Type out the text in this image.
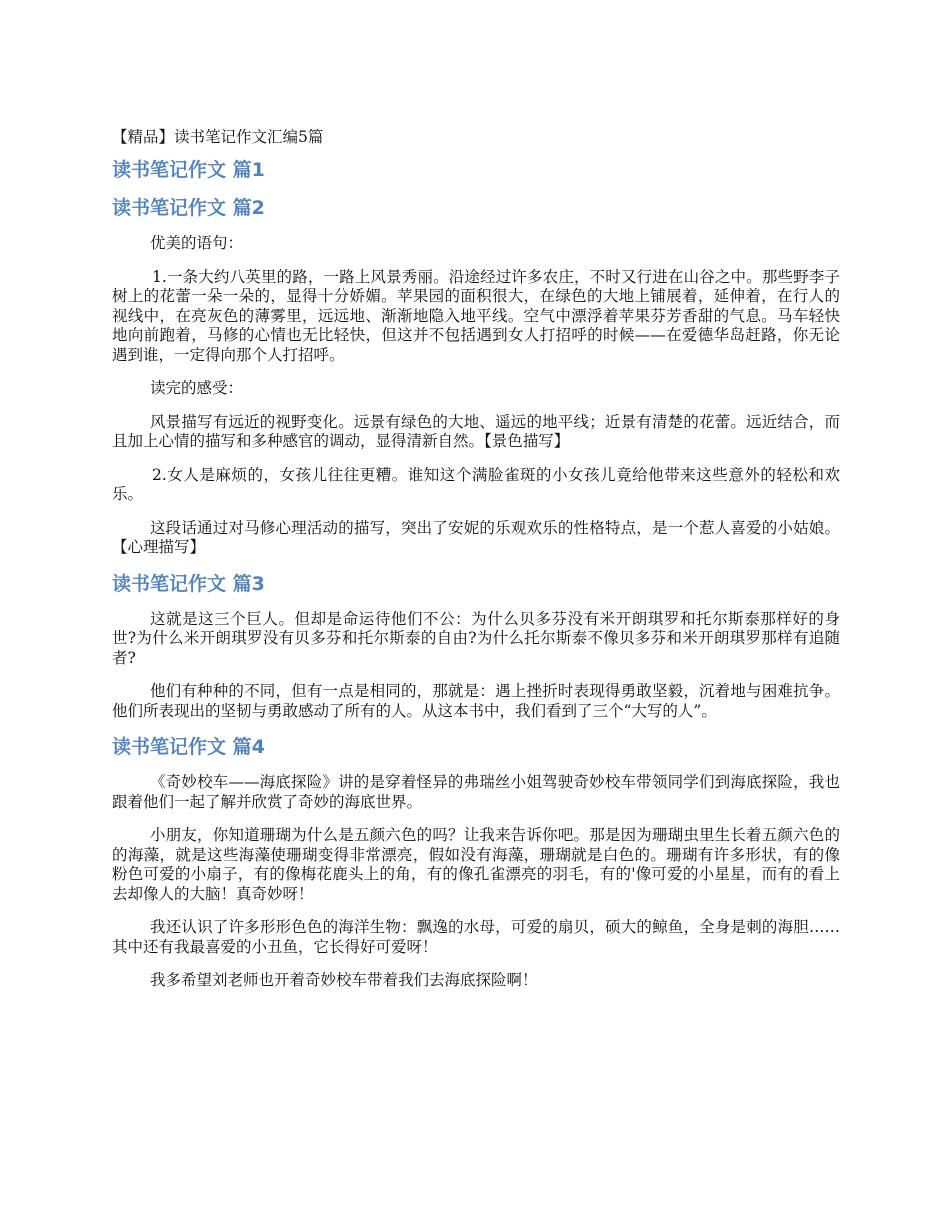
【精品】读书笔记作文汇编5篇
读书笔记作文 篇1
读书笔记作文 篇2

优美的语句：

1.一条大约八英里的路，一路上风景秀丽。沿途经过许多农庄，不时又行进在山谷之中。那些野李子树上的花蕾一朵一朵的，显得十分娇媚。苹果园的面积很大，在绿色的大地上铺展着，延伸着，在行人的视线中，在亮灰色的薄雾里，远远地、渐渐地隐入地平线。空气中漂浮着苹果芬芳香甜的气息。马车轻快地向前跑着，马修的心情也无比轻快，但这并不包括遇到女人打招呼的时候——在爱德华岛赶路，你无论遇到谁，一定得向那个人打招呼。

读完的感受：

风景描写有远近的视野变化。远景有绿色的大地、遥远的地平线；近景有清楚的花蕾。远近结合，而且加上心情的描写和多种感官的调动，显得清新自然。【景色描写】

2.女人是麻烦的，女孩儿往往更糟。谁知这个满脸雀斑的小女孩儿竟给他带来这些意外的轻松和欢乐。

这段话通过对马修心理活动的描写，突出了安妮的乐观欢乐的性格特点，是一个惹人喜爱的小姑娘。【心理描写】

读书笔记作文 篇3

这就是这三个巨人。但却是命运待他们不公：为什么贝多芬没有米开朗琪罗和托尔斯泰那样好的身世?为什么米开朗琪罗没有贝多芬和托尔斯泰的自由?为什么托尔斯泰不像贝多芬和米开朗琪罗那样有追随者?

他们有种种的不同，但有一点是相同的，那就是：遇上挫折时表现得勇敢坚毅，沉着地与困难抗争。他们所表现出的坚韧与勇敢感动了所有的人。从这本书中，我们看到了三个“大写的人”。

读书笔记作文 篇4

《奇妙校车——海底探险》讲的是穿着怪异的弗瑞丝小姐驾驶奇妙校车带领同学们到海底探险，我也跟着他们一起了解并欣赏了奇妙的海底世界。

小朋友，你知道珊瑚为什么是五颜六色的吗？让我来告诉你吧。那是因为珊瑚虫里生长着五颜六色的的海藻，就是这些海藻使珊瑚变得非常漂亮，假如没有海藻，珊瑚就是白色的。珊瑚有许多形状，有的像粉色可爱的小扇子，有的像梅花鹿头上的角，有的像孔雀漂亮的羽毛，有的'像可爱的小星星，而有的看上去却像人的大脑！真奇妙呀！

我还认识了许多形形色色的海洋生物：飘逸的水母，可爱的扇贝，硕大的鲸鱼，全身是刺的海胆……其中还有我最喜爱的小丑鱼，它长得好可爱呀！

我多希望刘老师也开着奇妙校车带着我们去海底探险啊！
